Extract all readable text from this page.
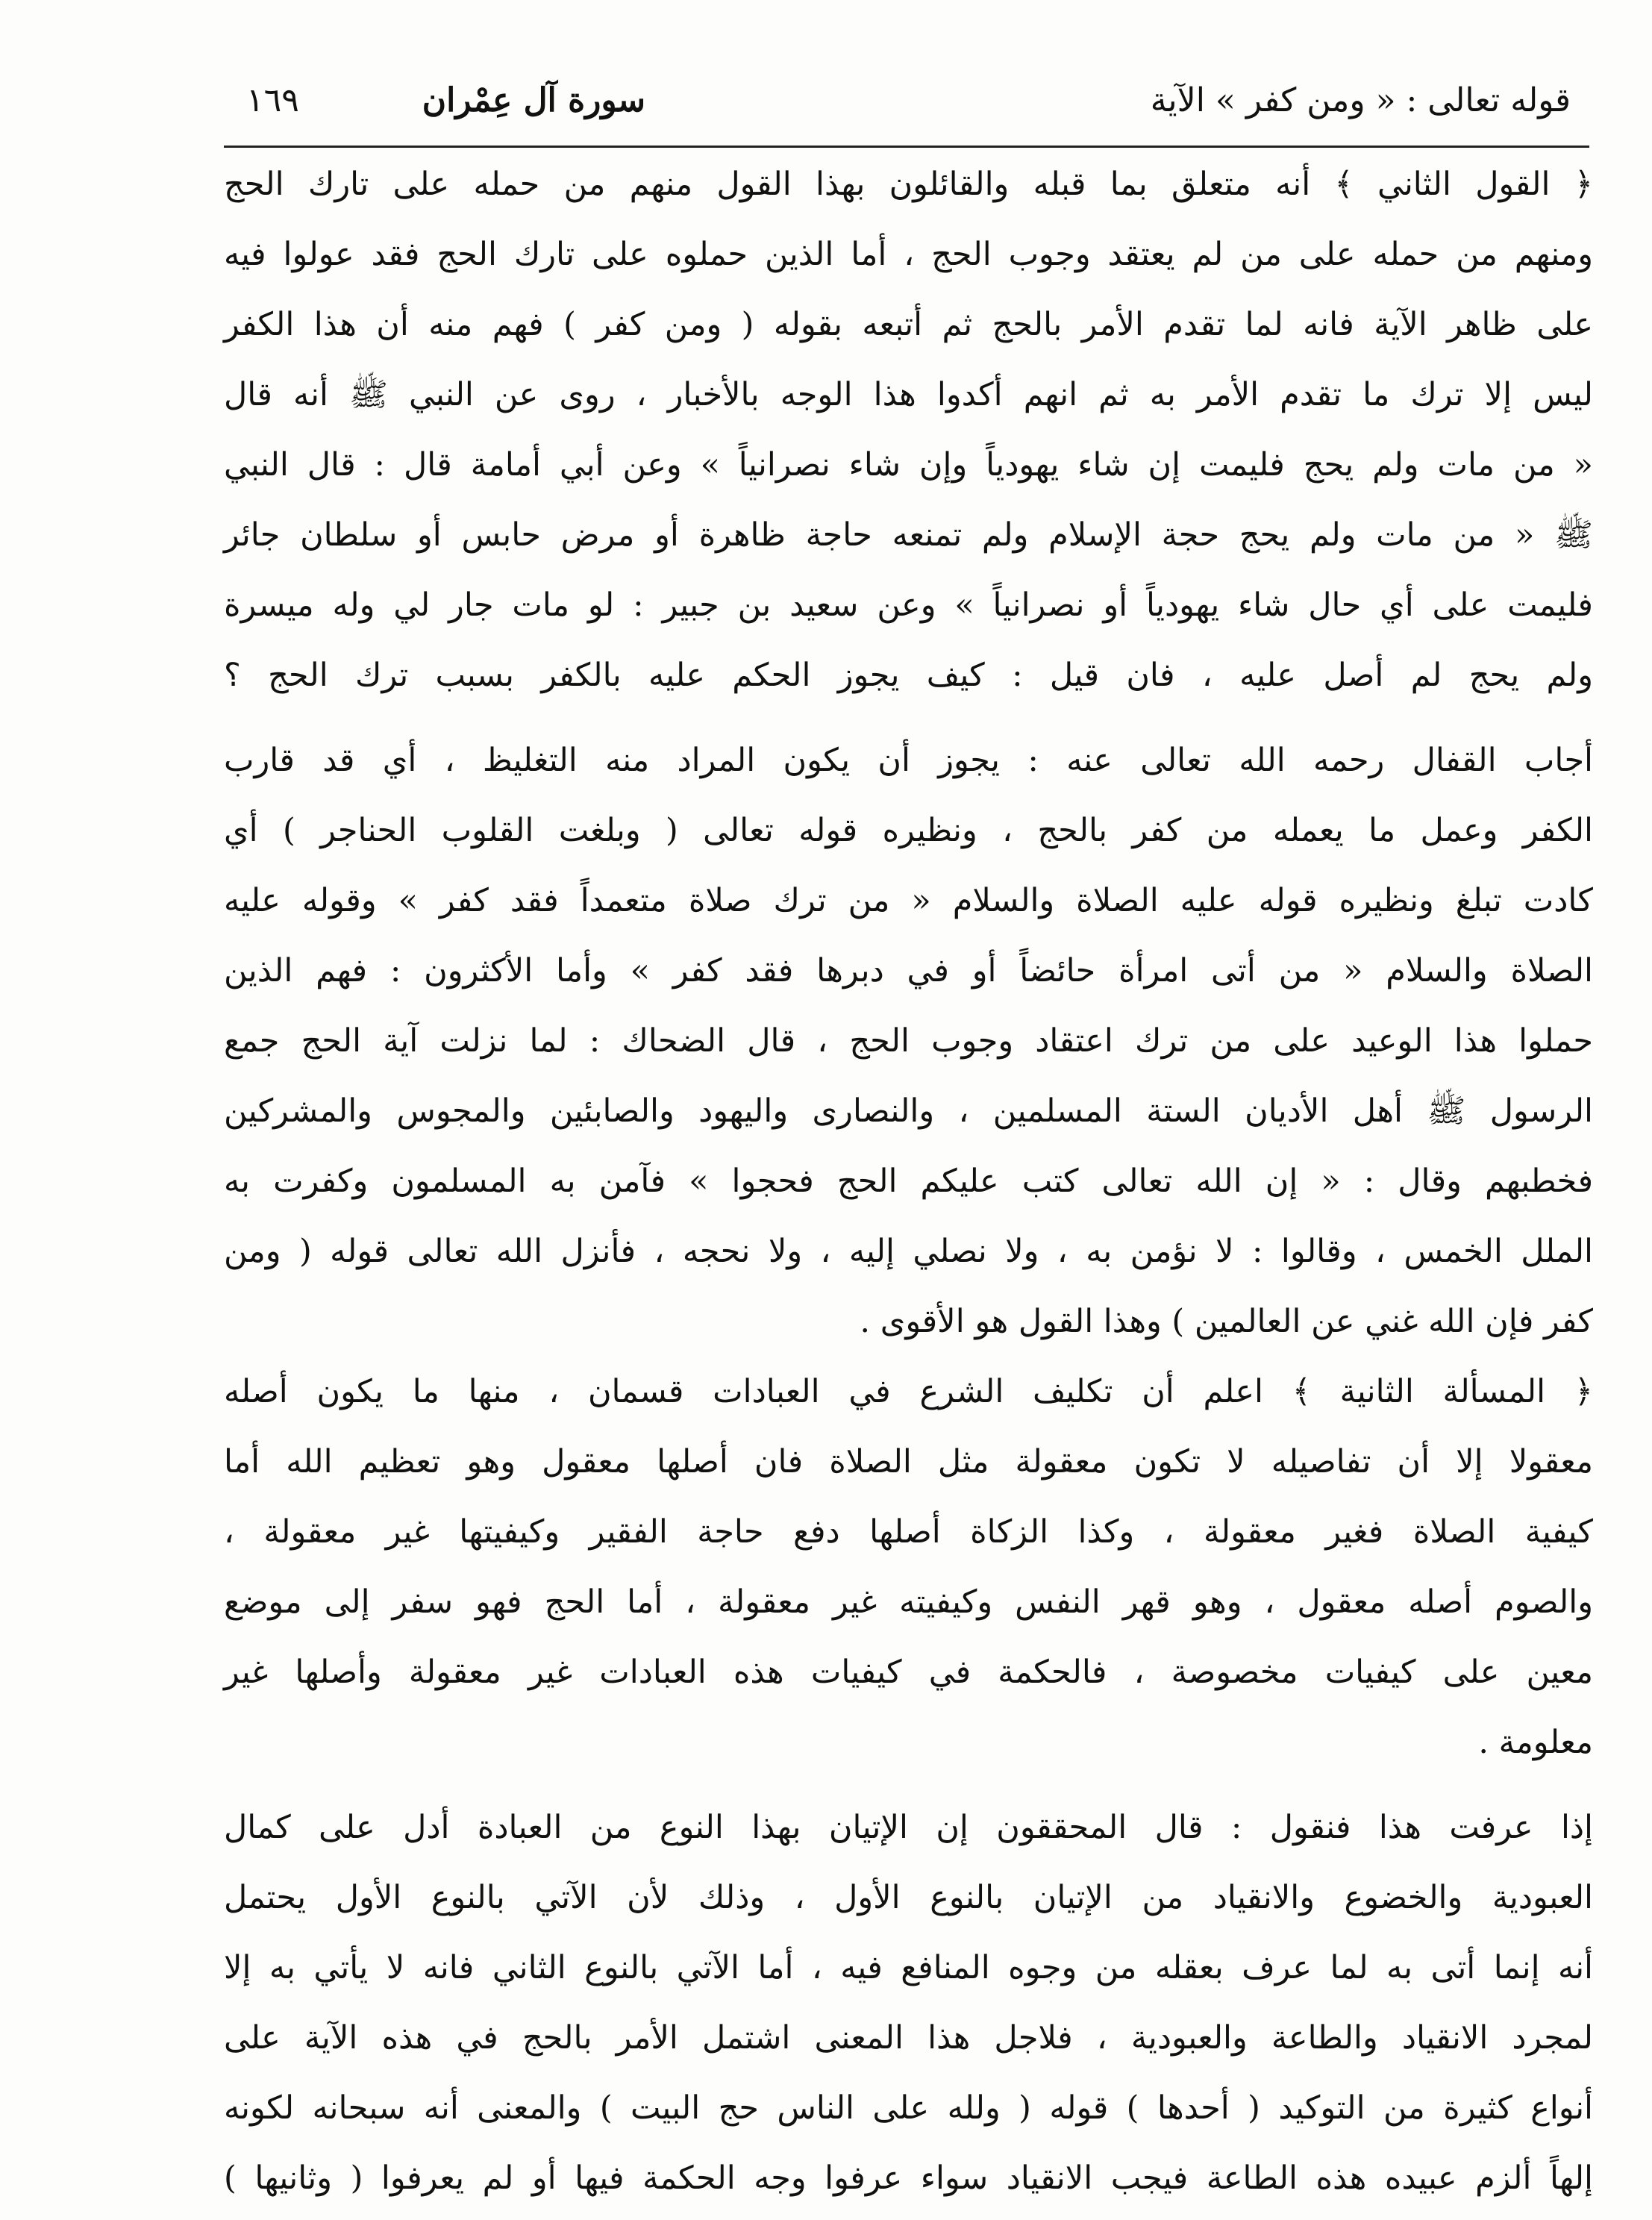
قوله تعالى : « ومن كفر » الآية
سورة آل عِمْران
١٦٩
﴿ القول الثاني ﴾ أنه متعلق بما قبله والقائلون بهذا القول منهم من حمله على تارك الحج
ومنهم من حمله على من لم يعتقد وجوب الحج ، أما الذين حملوه على تارك الحج فقد عولوا فيه
على ظاهر الآية فانه لما تقدم الأمر بالحج ثم أتبعه بقوله ( ومن كفر ) فهم منه أن هذا الكفر
ليس إلا ترك ما تقدم الأمر به ثم انهم أكدوا هذا الوجه بالأخبار ، روى عن النبي ﷺ أنه قال
« من مات ولم يحج فليمت إن شاء يهودياً وإن شاء نصرانياً » وعن أبي أمامة قال : قال النبي
ﷺ « من مات ولم يحج حجة الإسلام ولم تمنعه حاجة ظاهرة أو مرض حابس أو سلطان جائر
فليمت على أي حال شاء يهودياً أو نصرانياً » وعن سعيد بن جبير : لو مات جار لي وله ميسرة
ولم يحج لم أصل عليه ، فان قيل : كيف يجوز الحكم عليه بالكفر بسبب ترك الحج ؟
أجاب القفال رحمه الله تعالى عنه : يجوز أن يكون المراد منه التغليظ ، أي قد قارب
الكفر وعمل ما يعمله من كفر بالحج ، ونظيره قوله تعالى ( وبلغت القلوب الحناجر ) أي
كادت تبلغ ونظيره قوله عليه الصلاة والسلام « من ترك صلاة متعمداً فقد كفر » وقوله عليه
الصلاة والسلام « من أتى امرأة حائضاً أو في دبرها فقد كفر » وأما الأكثرون : فهم الذين
حملوا هذا الوعيد على من ترك اعتقاد وجوب الحج ، قال الضحاك : لما نزلت آية الحج جمع
الرسول ﷺ أهل الأديان الستة المسلمين ، والنصارى واليهود والصابئين والمجوس والمشركين
فخطبهم وقال : « إن الله تعالى كتب عليكم الحج فحجوا » فآمن به المسلمون وكفرت به
الملل الخمس ، وقالوا : لا نؤمن به ، ولا نصلي إليه ، ولا نحجه ، فأنزل الله تعالى قوله ( ومن
كفر فإن الله غني عن العالمين ) وهذا القول هو الأقوى .
﴿ المسألة الثانية ﴾ اعلم أن تكليف الشرع في العبادات قسمان ، منها ما يكون أصله
معقولا إلا أن تفاصيله لا تكون معقولة مثل الصلاة فان أصلها معقول وهو تعظيم الله أما
كيفية الصلاة فغير معقولة ، وكذا الزكاة أصلها دفع حاجة الفقير وكيفيتها غير معقولة ،
والصوم أصله معقول ، وهو قهر النفس وكيفيته غير معقولة ، أما الحج فهو سفر إلى موضع
معين على كيفيات مخصوصة ، فالحكمة في كيفيات هذه العبادات غير معقولة وأصلها غير
معلومة .
إذا عرفت هذا فنقول : قال المحققون إن الإتيان بهذا النوع من العبادة أدل على كمال
العبودية والخضوع والانقياد من الإتيان بالنوع الأول ، وذلك لأن الآتي بالنوع الأول يحتمل
أنه إنما أتى به لما عرف بعقله من وجوه المنافع فيه ، أما الآتي بالنوع الثاني فانه لا يأتي به إلا
لمجرد الانقياد والطاعة والعبودية ، فلاجل هذا المعنى اشتمل الأمر بالحج في هذه الآية على
أنواع كثيرة من التوكيد ( أحدها ) قوله ( ولله على الناس حج البيت ) والمعنى أنه سبحانه لكونه
إلهاً ألزم عبيده هذه الطاعة فيجب الانقياد سواء عرفوا وجه الحكمة فيها أو لم يعرفوا ( وثانيها )
